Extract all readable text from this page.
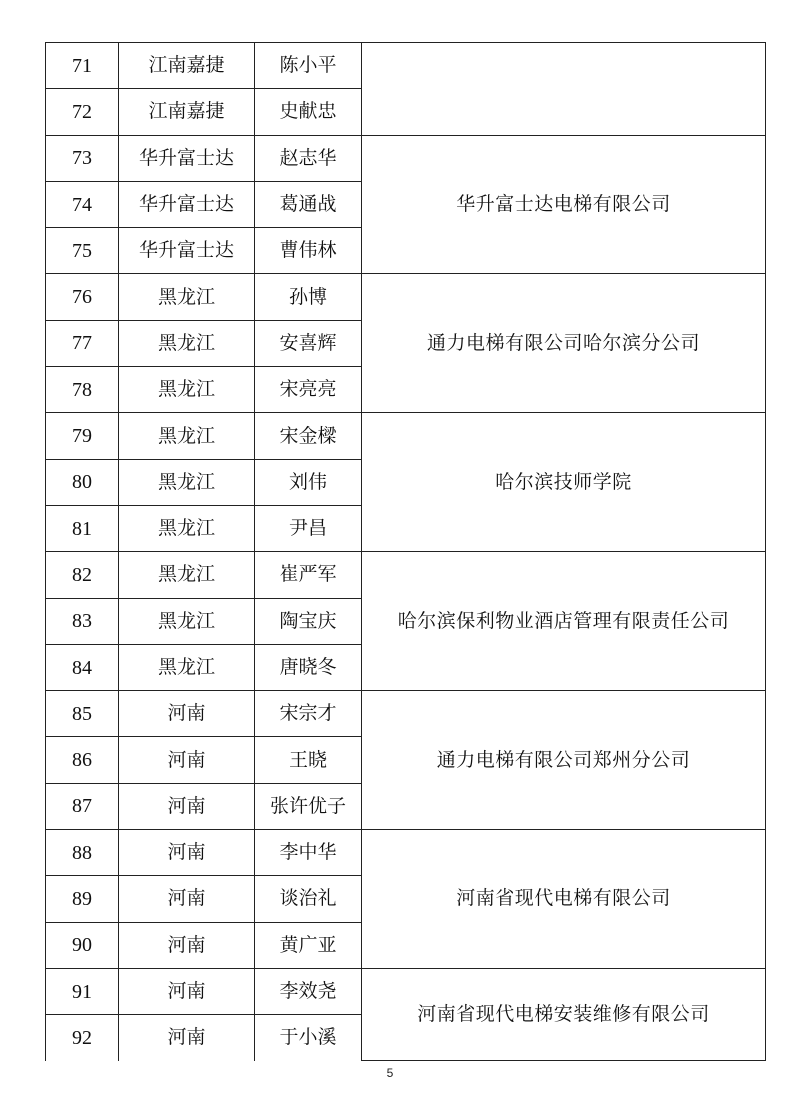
71	江南嘉捷	陈小平	
72	江南嘉捷	史献忠	
73	华升富士达	赵志华	华升富士达电梯有限公司
74	华升富士达	葛通战	
75	华升富士达	曹伟林	
76	黑龙江	孙博	通力电梯有限公司哈尔滨分公司
77	黑龙江	安喜辉	
78	黑龙江	宋亮亮	
79	黑龙江	宋金樑	哈尔滨技师学院
80	黑龙江	刘伟	
81	黑龙江	尹昌	
82	黑龙江	崔严军	哈尔滨保利物业酒店管理有限责任公司
83	黑龙江	陶宝庆	
84	黑龙江	唐晓冬	
85	河南	宋宗才	通力电梯有限公司郑州分公司
86	河南	王晓	
87	河南	张许优子	
88	河南	李中华	河南省现代电梯有限公司
89	河南	谈治礼	
90	河南	黄广亚	
91	河南	李效尧	河南省现代电梯安装维修有限公司
92	河南	于小溪	
5
